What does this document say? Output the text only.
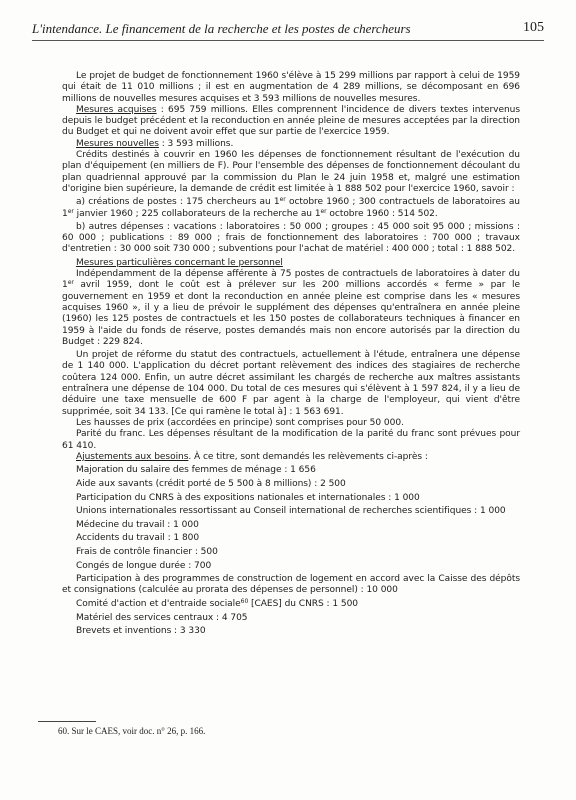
L'intendance. Le financement de la recherche et les postes de chercheurs	105

Le projet de budget de fonctionnement 1960 s'élève à 15 299 millions par rapport à celui de 1959 qui était de 11 010 millions ; il est en augmentation de 4 289 millions, se décomposant en 696 millions de nouvelles mesures acquises et 3 593 millions de nouvelles mesures.

Mesures acquises : 695 759 millions. Elles comprennent l'incidence de divers textes intervenus depuis le budget précédent et la reconduction en année pleine de mesures acceptées par la direction du Budget et qui ne doivent avoir effet que sur partie de l'exercice 1959.

Mesures nouvelles : 3 593 millions.

Crédits destinés à couvrir en 1960 les dépenses de fonctionnement résultant de l'exécution du plan d'équipement (en milliers de F). Pour l'ensemble des dépenses de fonctionnement découlant du plan quadriennal approuvé par la commission du Plan le 24 juin 1958 et, malgré une estimation d'origine bien supérieure, la demande de crédit est limitée à 1 888 502 pour l'exercice 1960, savoir :

a) créations de postes : 175 chercheurs au 1er octobre 1960 ; 300 contractuels de laboratoires au 1er janvier 1960 ; 225 collaborateurs de la recherche au 1er octobre 1960 : 514 502.

b) autres dépenses : vacations : laboratoires : 50 000 ; groupes : 45 000 soit 95 000 ; missions : 60 000 ; publications : 89 000 ; frais de fonctionnement des laboratoires : 700 000 ; travaux d'entretien : 30 000 soit 730 000 ; subventions pour l'achat de matériel : 400 000 ; total : 1 888 502.

Mesures particulières concernant le personnel

Indépendamment de la dépense afférente à 75 postes de contractuels de laboratoires à dater du 1er avril 1959, dont le coût est à prélever sur les 200 millions accordés « ferme » par le gouvernement en 1959 et dont la reconduction en année pleine est comprise dans les « mesures acquises 1960 », il y a lieu de prévoir le supplément des dépenses qu'entraînera en année pleine (1960) les 125 postes de contractuels et les 150 postes de collaborateurs techniques à financer en 1959 à l'aide du fonds de réserve, postes demandés mais non encore autorisés par la direction du Budget : 229 824.

Un projet de réforme du statut des contractuels, actuellement à l'étude, entraînera une dépense de 1 140 000. L'application du décret portant relèvement des indices des stagiaires de recherche coûtera 124 000. Enfin, un autre décret assimilant les chargés de recherche aux maîtres assistants entraînera une dépense de 104 000. Du total de ces mesures qui s'élèvent à 1 597 824, il y a lieu de déduire une taxe mensuelle de 600 F par agent à la charge de l'employeur, qui vient d'être supprimée, soit 34 133. [Ce qui ramène le total à] : 1 563 691.

Les hausses de prix (accordées en principe) sont comprises pour 50 000.

Parité du franc. Les dépenses résultant de la modification de la parité du franc sont prévues pour 61 410.

Ajustements aux besoins. À ce titre, sont demandés les relèvements ci-après :

Majoration du salaire des femmes de ménage : 1 656

Aide aux savants (crédit porté de 5 500 à 8 millions) : 2 500

Participation du CNRS à des expositions nationales et internationales : 1 000

Unions internationales ressortissant au Conseil international de recherches scientifiques : 1 000

Médecine du travail : 1 000

Accidents du travail : 1 800

Frais de contrôle financier : 500

Congés de longue durée : 700

Participation à des programmes de construction de logement en accord avec la Caisse des dépôts et consignations (calculée au prorata des dépenses de personnel) : 10 000

Comité d'action et d'entraide sociale$^{60}$ [CAES] du CNRS : 1 500

Matériel des services centraux : 4 705

Brevets et inventions : 3 330

60. Sur le CAES, voir doc. n° 26, p. 166.
